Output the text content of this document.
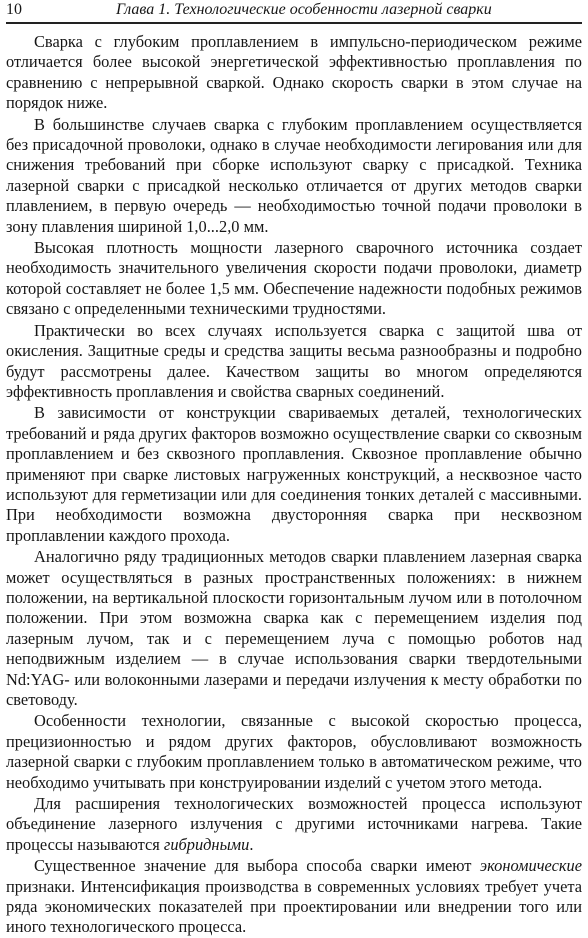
10	Глава 1. Технологические особенности лазерной сварки

Сварка с глубоким проплавлением в импульсно-периодическом режиме отличается более высокой энергетической эффективностью проплавления по сравнению с непрерывной сваркой. Однако скорость сварки в этом случае на порядок ниже.

В большинстве случаев сварка с глубоким проплавлением осуществляется без присадочной проволоки, однако в случае необходимости легирования или для снижения требований при сборке используют сварку с присадкой. Техника лазерной сварки с присадкой несколько отличается от других методов сварки плавлением, в первую очередь — необходимостью точной подачи проволоки в зону плавления шириной 1,0...2,0 мм.

Высокая плотность мощности лазерного сварочного источника создает необходимость значительного увеличения скорости подачи проволоки, диаметр которой составляет не более 1,5 мм. Обеспечение надежности подобных режимов связано с определенными техническими трудностями.

Практически во всех случаях используется сварка с защитой шва от окисления. Защитные среды и средства защиты весьма разнообразны и подробно будут рассмотрены далее. Качеством защиты во многом определяются эффективность проплавления и свойства сварных соединений.

В зависимости от конструкции свариваемых деталей, технологических требований и ряда других факторов возможно осуществление сварки со сквозным проплавлением и без сквозного проплавления. Сквозное проплавление обычно применяют при сварке листовых нагруженных конструкций, а несквозное часто используют для герметизации или для соединения тонких деталей с массивными. При необходимости возможна двусторонняя сварка при несквозном проплавлении каждого прохода.

Аналогично ряду традиционных методов сварки плавлением лазерная сварка может осуществляться в разных пространственных положениях: в нижнем положении, на вертикальной плоскости горизонтальным лучом или в потолочном положении. При этом возможна сварка как с перемещением изделия под лазерным лучом, так и с перемещением луча с помощью роботов над неподвижным изделием — в случае использования сварки твердотельными Nd:YAG- или волоконными лазерами и передачи излучения к месту обработки по световоду.

Особенности технологии, связанные с высокой скоростью процесса, прецизионностью и рядом других факторов, обусловливают возможность лазерной сварки с глубоким проплавлением только в автоматическом режиме, что необходимо учитывать при конструировании изделий с учетом этого метода.

Для расширения технологических возможностей процесса используют объединение лазерного излучения с другими источниками нагрева. Такие процессы называются гибридными.

Существенное значение для выбора способа сварки имеют экономические признаки. Интенсификация производства в современных условиях требует учета ряда экономических показателей при проектировании или внедрении того или иного технологического процесса.
